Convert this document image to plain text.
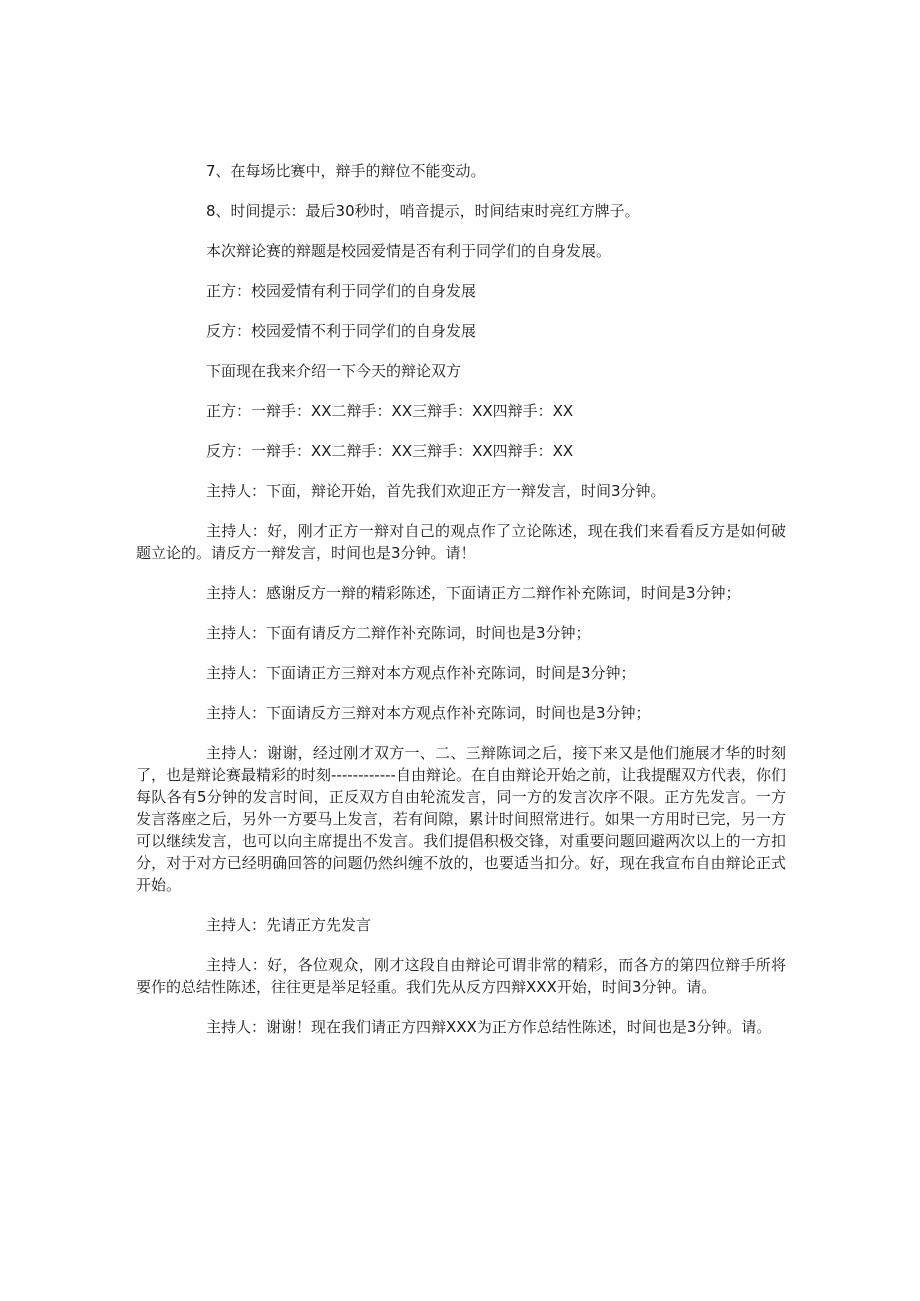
7、在每场比赛中，辩手的辩位不能变动。

8、时间提示：最后30秒时，哨音提示，时间结束时亮红方牌子。

本次辩论赛的辩题是校园爱情是否有利于同学们的自身发展。

正方：校园爱情有利于同学们的自身发展

反方：校园爱情不利于同学们的自身发展

下面现在我来介绍一下今天的辩论双方

正方：一辩手：XX二辩手：XX三辩手：XX四辩手：XX

反方：一辩手：XX二辩手：XX三辩手：XX四辩手：XX

主持人：下面，辩论开始，首先我们欢迎正方一辩发言，时间3分钟。

主持人：好，刚才正方一辩对自己的观点作了立论陈述，现在我们来看看反方是如何破题立论的。请反方一辩发言，时间也是3分钟。请！

主持人：感谢反方一辩的精彩陈述，下面请正方二辩作补充陈词，时间是3分钟；

主持人：下面有请反方二辩作补充陈词，时间也是3分钟；

主持人：下面请正方三辩对本方观点作补充陈词，时间是3分钟；

主持人：下面请反方三辩对本方观点作补充陈词，时间也是3分钟；

主持人：谢谢，经过刚才双方一、二、三辩陈词之后，接下来又是他们施展才华的时刻了，也是辩论赛最精彩的时刻------------自由辩论。在自由辩论开始之前，让我提醒双方代表，你们每队各有5分钟的发言时间，正反双方自由轮流发言，同一方的发言次序不限。正方先发言。一方发言落座之后，另外一方要马上发言，若有间隙，累计时间照常进行。如果一方用时已完，另一方可以继续发言，也可以向主席提出不发言。我们提倡积极交锋，对重要问题回避两次以上的一方扣分，对于对方已经明确回答的问题仍然纠缠不放的，也要适当扣分。好，现在我宣布自由辩论正式开始。

主持人：先请正方先发言

主持人：好，各位观众，刚才这段自由辩论可谓非常的精彩，而各方的第四位辩手所将要作的总结性陈述，往往更是举足轻重。我们先从反方四辩XXX开始，时间3分钟。请。

主持人：谢谢！现在我们请正方四辩XXX为正方作总结性陈述，时间也是3分钟。请。
